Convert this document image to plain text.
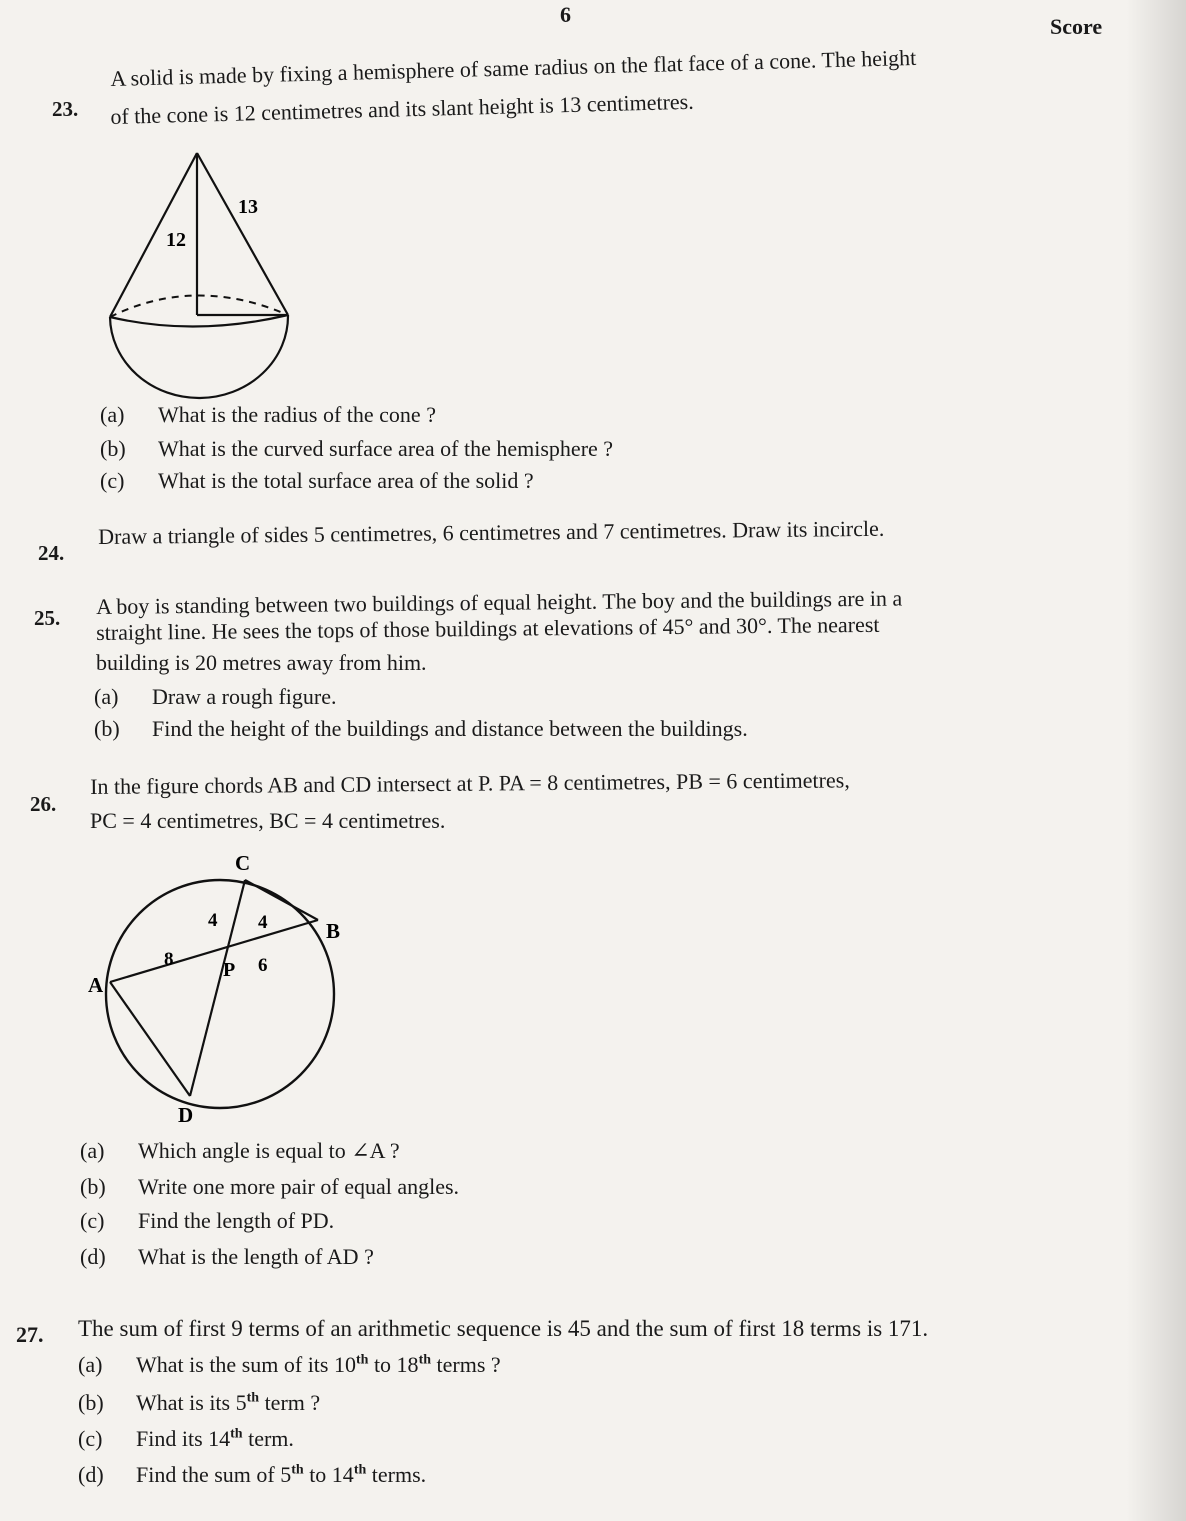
6	Score
23.
A solid is made by fixing a hemisphere of same radius on the flat face of a cone. The height
of the cone is 12 centimetres and its slant height is 13 centimetres.
13
12
(a) What is the radius of the cone ?
(b) What is the curved surface area of the hemisphere ?
(c) What is the total surface area of the solid ?
24.
Draw a triangle of sides 5 centimetres, 6 centimetres and 7 centimetres. Draw its incircle.
25. A boy is standing between two buildings of equal height. The boy and the buildings are in a
straight line. He sees the tops of those buildings at elevations of 45° and 30°. The nearest
building is 20 metres away from him.
(a) Draw a rough figure.
(b) Find the height of the buildings and distance between the buildings.
26.
In the figure chords AB and CD intersect at P. PA = 8 centimetres, PB = 6 centimetres,
PC = 4 centimetres, BC = 4 centimetres.
C
B
A
D
P
8	6
4 4
(a) Which angle is equal to ∠A ?
(b) Write one more pair of equal angles.
(c) Find the length of PD.
(d) What is the length of AD ?
27. The sum of first 9 terms of an arithmetic sequence is 45 and the sum of first 18 terms is 171.
(a) What is the sum of its 10th to 18th terms ?
(b) What is its 5th term ?
(c) Find its 14th term.
(d) Find the sum of 5th to 14th terms.
